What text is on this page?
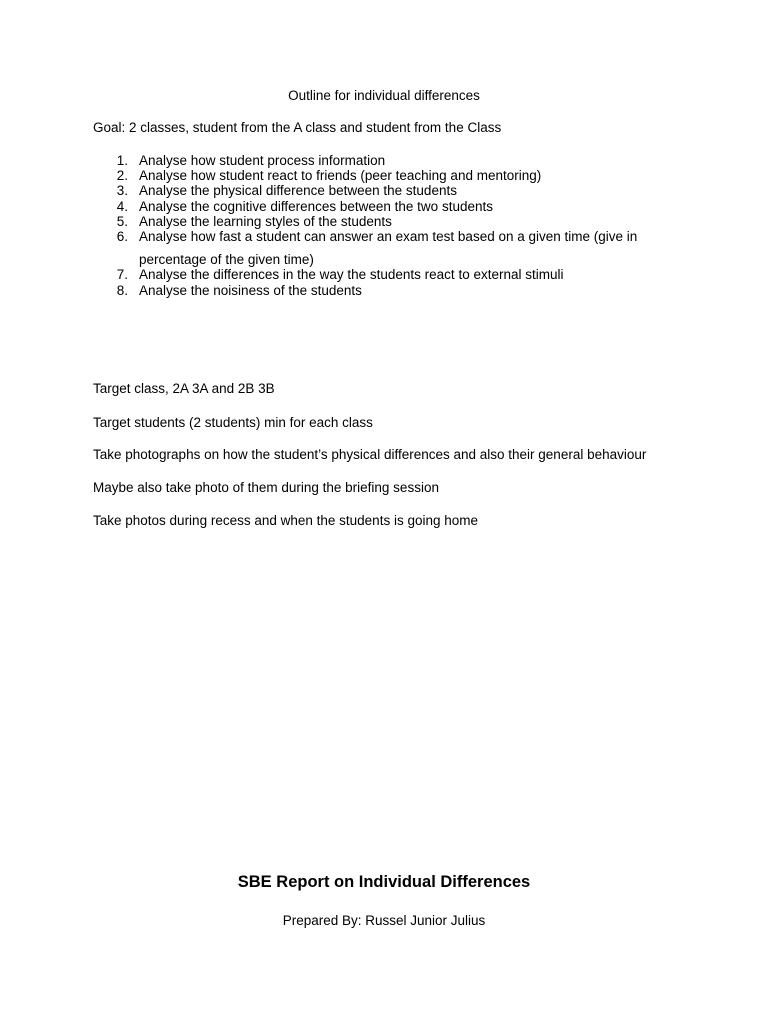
Outline for individual differences
Goal: 2 classes, student from the A class and student from the Class
1. Analyse how student process information
2. Analyse how student react to friends (peer teaching and mentoring)
3. Analyse the physical difference between the students
4. Analyse the cognitive differences between the two students
5. Analyse the learning styles of the students
6. Analyse how fast a student can answer an exam test based on a given time (give in
percentage of the given time)
7. Analyse the differences in the way the students react to external stimuli
8. Analyse the noisiness of the students
Target class, 2A 3A and 2B 3B
Target students (2 students) min for each class
Take photographs on how the student’s physical differences and also their general behaviour
Maybe also take photo of them during the briefing session
Take photos during recess and when the students is going home
SBE Report on Individual Differences
Prepared By: Russel Junior Julius
